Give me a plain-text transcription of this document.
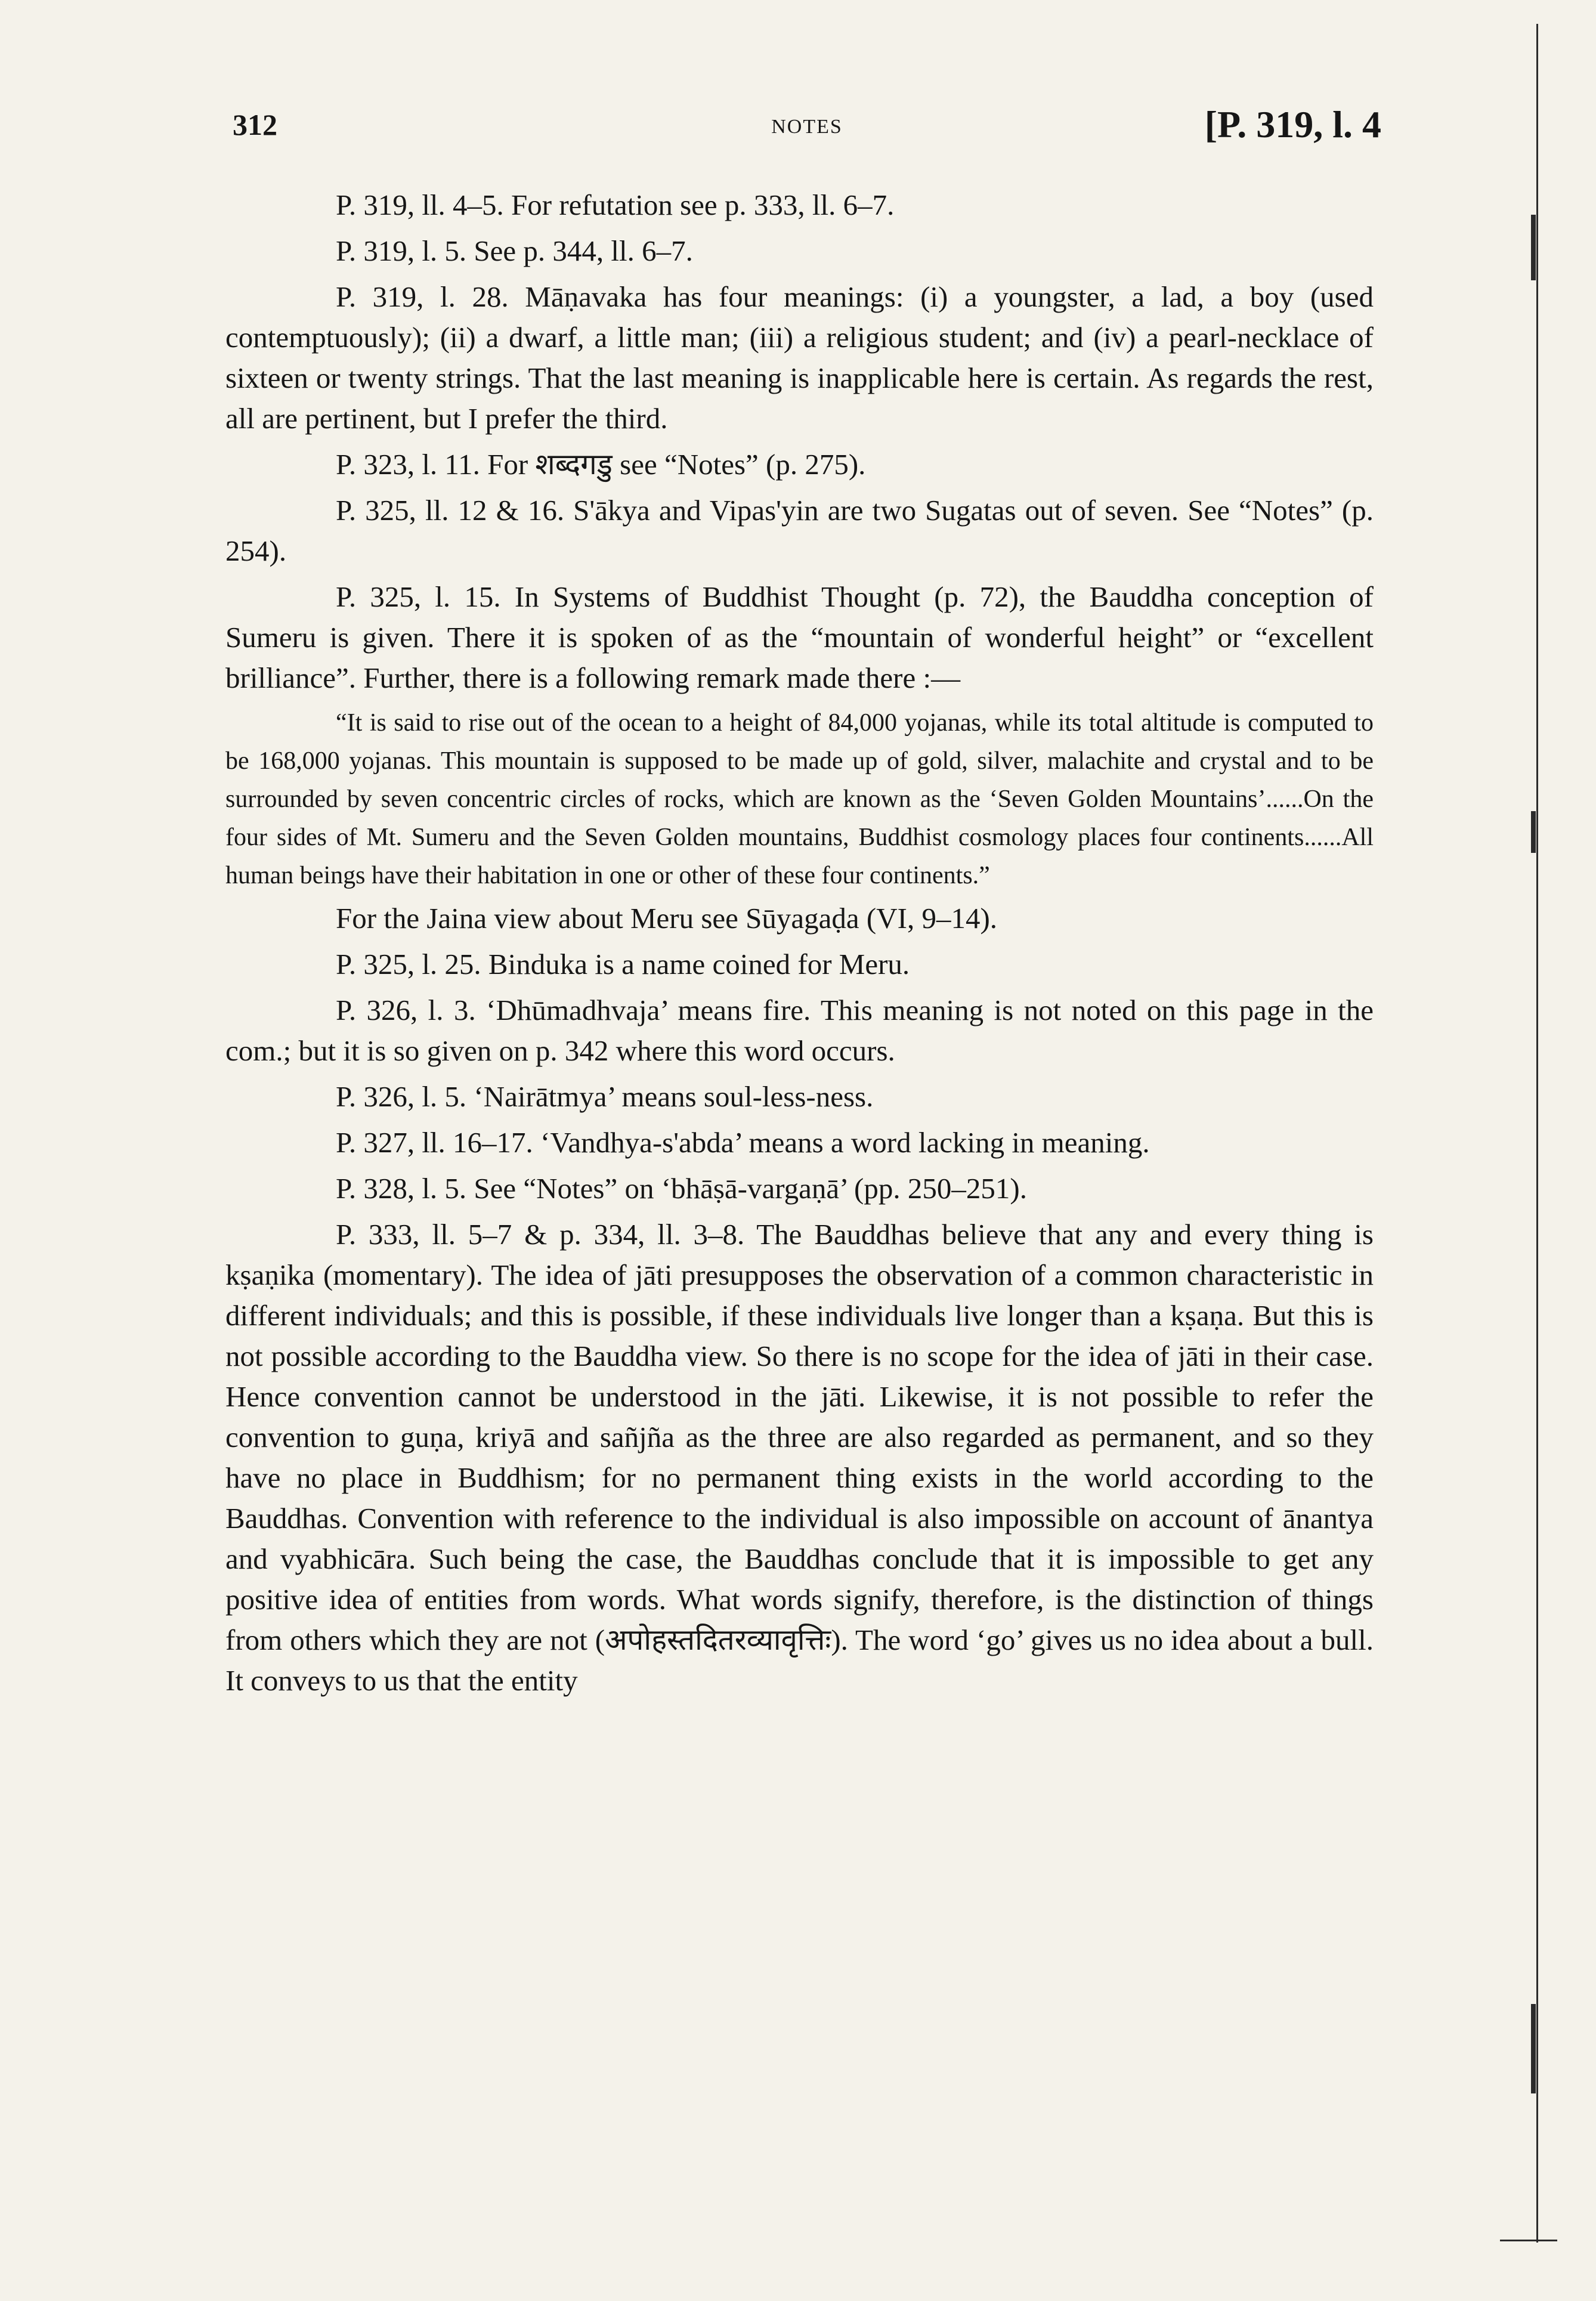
312	NOTES	[P. 319, l. 4

P. 319, ll. 4–5. For refutation see p. 333, ll. 6–7.

P. 319, l. 5. See p. 344, ll. 6–7.

P. 319, l. 28. Māṇavaka has four meanings: (i) a youngster, a lad, a boy (used contemptuously); (ii) a dwarf, a little man; (iii) a religious student; and (iv) a pearl-necklace of sixteen or twenty strings. That the last meaning is inapplicable here is certain. As regards the rest, all are pertinent, but I prefer the third.

P. 323, l. 11. For शब्दगडु see “Notes” (p. 275).

P. 325, ll. 12 & 16. S'ākya and Vipas'yin are two Sugatas out of seven. See “Notes” (p. 254).

P. 325, l. 15. In Systems of Buddhist Thought (p. 72), the Bauddha conception of Sumeru is given. There it is spoken of as the “mountain of wonderful height” or “excellent brilliance”. Further, there is a following remark made there :—

“It is said to rise out of the ocean to a height of 84,000 yojanas, while its total altitude is computed to be 168,000 yojanas. This mountain is supposed to be made up of gold, silver, malachite and crystal and to be surrounded by seven concentric circles of rocks, which are known as the ‘Seven Golden Mountains’......On the four sides of Mt. Sumeru and the Seven Golden mountains, Buddhist cosmology places four continents......All human beings have their habitation in one or other of these four continents.”

For the Jaina view about Meru see Sūyagaḍa (VI, 9–14).

P. 325, l. 25. Binduka is a name coined for Meru.

P. 326, l. 3. ‘Dhūmadhvaja’ means fire. This meaning is not noted on this page in the com.; but it is so given on p. 342 where this word occurs.

P. 326, l. 5. ‘Nairātmya’ means soul-less-ness.

P. 327, ll. 16–17. ‘Vandhya-s'abda’ means a word lacking in meaning.

P. 328, l. 5. See “Notes” on ‘bhāṣā-vargaṇā’ (pp. 250–251).

P. 333, ll. 5–7 & p. 334, ll. 3–8. The Bauddhas believe that any and every thing is kṣaṇika (momentary). The idea of jāti presupposes the observation of a common characteristic in different individuals; and this is possible, if these individuals live longer than a kṣaṇa. But this is not possible according to the Bauddha view. So there is no scope for the idea of jāti in their case. Hence convention cannot be understood in the jāti. Likewise, it is not possible to refer the convention to guṇa, kriyā and sañjña as the three are also regarded as permanent, and so they have no place in Buddhism; for no permanent thing exists in the world according to the Bauddhas. Convention with reference to the individual is also impossible on account of ānantya and vyabhicāra. Such being the case, the Bauddhas conclude that it is impossible to get any positive idea of entities from words. What words signify, therefore, is the distinction of things from others which they are not (अपोहस्तदितरव्यावृत्तिः). The word ‘go’ gives us no idea about a bull. It conveys to us that the entity
